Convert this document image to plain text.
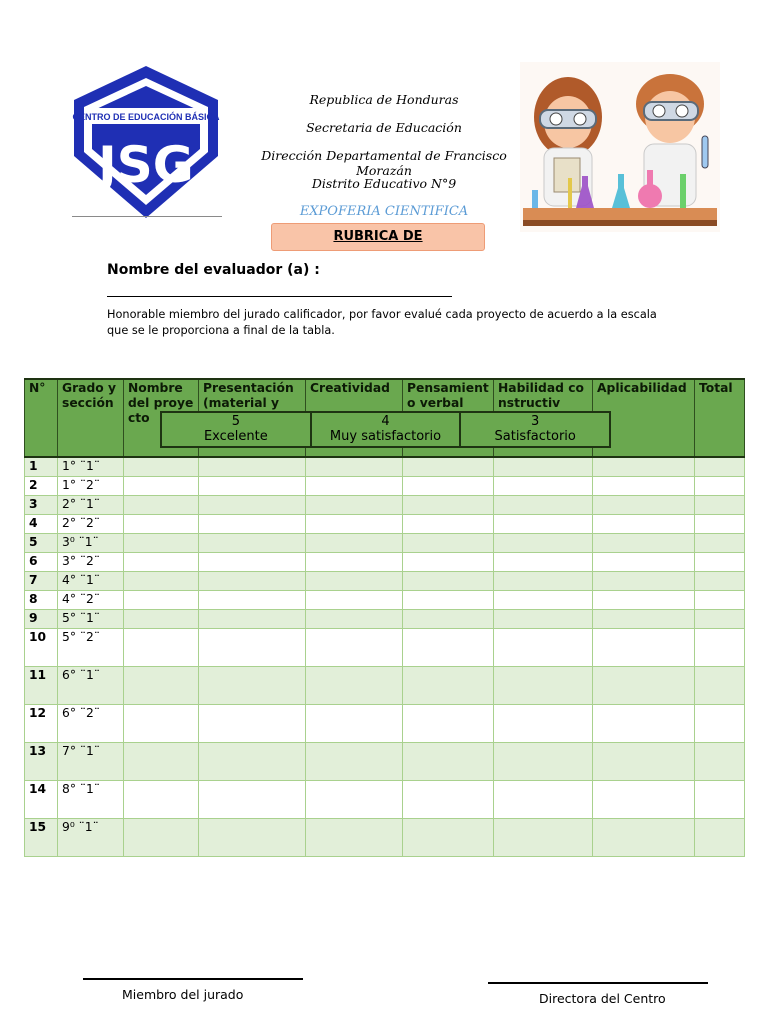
CENTRO DE EDUCACIÓN BÁSICA
JSG
Republica de Honduras
Secretaria de Educación
Dirección Departamental de Francisco Morazán
Distrito Educativo N°9
EXPOFERIA CIENTIFICA
RUBRICA DE
Nombre del evaluador (a) :
Honorable miembro del jurado calificador, por favor evalué cada proyecto de acuerdo a la escala que se le proporciona a final de la tabla.
N°	Grado y sección	Nombre del proyecto	Presentación (material y	Creatividad	Pensamiento verbal	Habilidad constructiv	Aplicabilidad	Total
1	1° ¨1¨							
2	1° ¨2¨							
3	2° ¨1¨							
4	2° ¨2¨							
5	3⁰ ¨1¨							
6	3° ¨2¨							
7	4° ¨1¨							
8	4° ¨2¨							
9	5° ¨1¨							
10	5° ¨2¨							
11	6° ¨1¨							
12	6° ¨2¨							
13	7° ¨1¨							
14	8° ¨1¨							
15	9⁰ ¨1¨							
5
Excelente
4
Muy satisfactorio
3
Satisfactorio
Miembro del jurado	Directora del Centro
